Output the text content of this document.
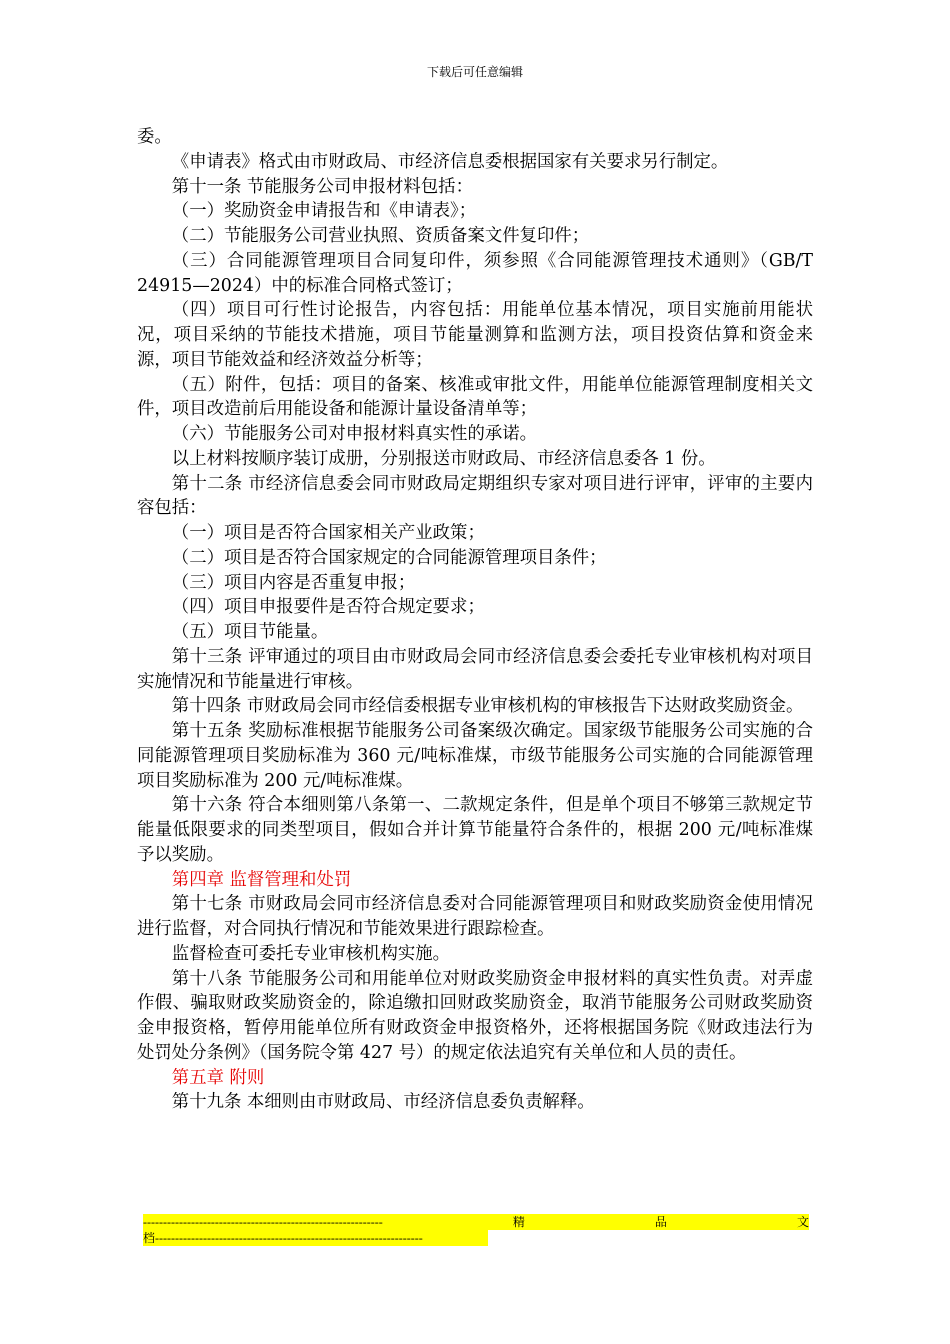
下载后可任意编辑

委。

《申请表》格式由市财政局、市经济信息委根据国家有关要求另行制定。

第十一条 节能服务公司申报材料包括：

（一）奖励资金申请报告和《申请表》；

（二）节能服务公司营业执照、资质备案文件复印件；

（三）合同能源管理项目合同复印件，须参照《合同能源管理技术通则》（GB/T 24915—2024）中的标准合同格式签订；

（四）项目可行性讨论报告，内容包括：用能单位基本情况，项目实施前用能状况，项目采纳的节能技术措施，项目节能量测算和监测方法，项目投资估算和资金来源，项目节能效益和经济效益分析等；

（五）附件，包括：项目的备案、核准或审批文件，用能单位能源管理制度相关文件，项目改造前后用能设备和能源计量设备清单等；

（六）节能服务公司对申报材料真实性的承诺。

以上材料按顺序装订成册，分别报送市财政局、市经济信息委各 1 份。

第十二条 市经济信息委会同市财政局定期组织专家对项目进行评审，评审的主要内容包括：

（一）项目是否符合国家相关产业政策；

（二）项目是否符合国家规定的合同能源管理项目条件；

（三）项目内容是否重复申报；

（四）项目申报要件是否符合规定要求；

（五）项目节能量。

第十三条 评审通过的项目由市财政局会同市经济信息委会委托专业审核机构对项目实施情况和节能量进行审核。

第十四条 市财政局会同市经信委根据专业审核机构的审核报告下达财政奖励资金。

第十五条 奖励标准根据节能服务公司备案级次确定。国家级节能服务公司实施的合同能源管理项目奖励标准为 360 元/吨标准煤，市级节能服务公司实施的合同能源管理项目奖励标准为 200 元/吨标准煤。

第十六条 符合本细则第八条第一、二款规定条件，但是单个项目不够第三款规定节能量低限要求的同类型项目，假如合并计算节能量符合条件的，根据 200 元/吨标准煤予以奖励。

第四章 监督管理和处罚

第十七条 市财政局会同市经济信息委对合同能源管理项目和财政奖励资金使用情况进行监督，对合同执行情况和节能效果进行跟踪检查。

监督检查可委托专业审核机构实施。

第十八条 节能服务公司和用能单位对财政奖励资金申报材料的真实性负责。对弄虚作假、骗取财政奖励资金的，除追缴扣回财政奖励资金，取消节能服务公司财政奖励资金申报资格，暂停用能单位所有财政资金申报资格外，还将根据国务院《财政违法行为处罚处分条例》（国务院令第 427 号）的规定依法追究有关单位和人员的责任。

第五章 附则

第十九条 本细则由市财政局、市经济信息委负责解释。

------------------------------------------------------------	精	品	文
档-------------------------------------------------------------------
